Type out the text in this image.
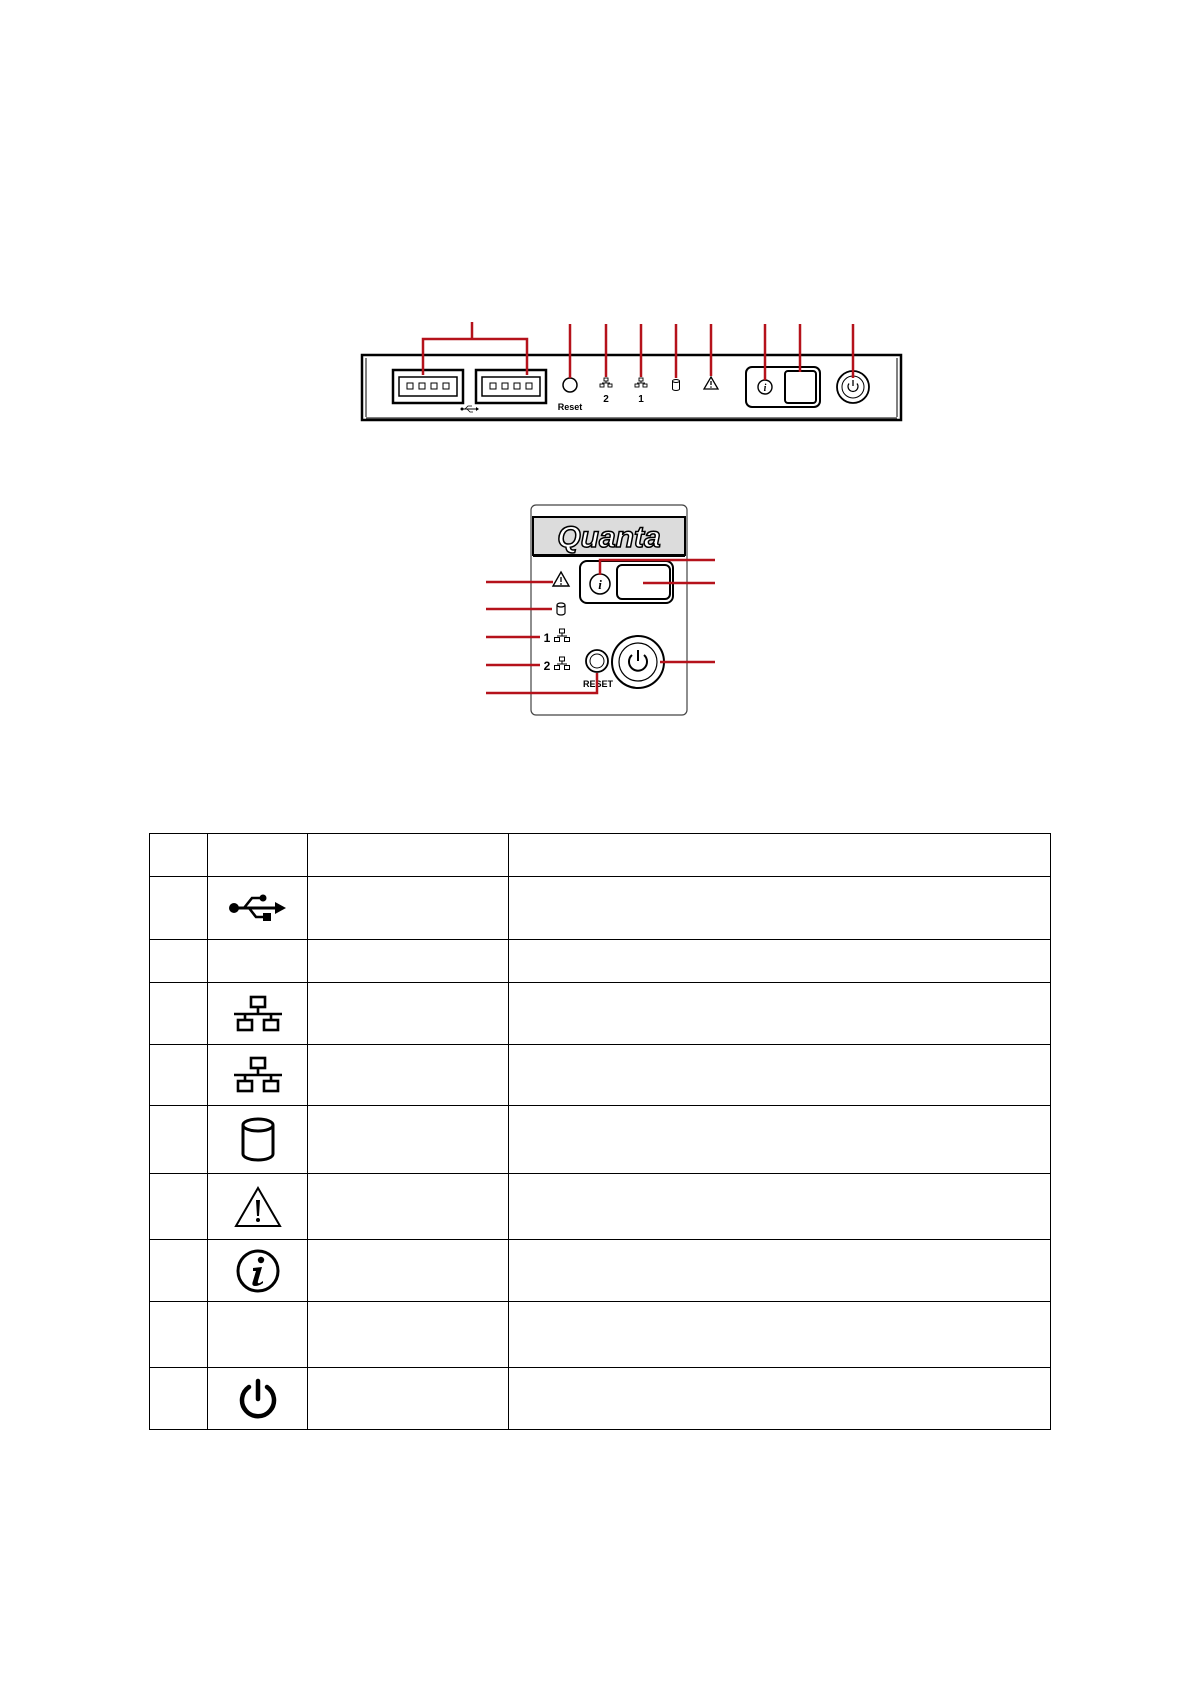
Reset
2	1
i
Quanta
i
1
2
RESET
